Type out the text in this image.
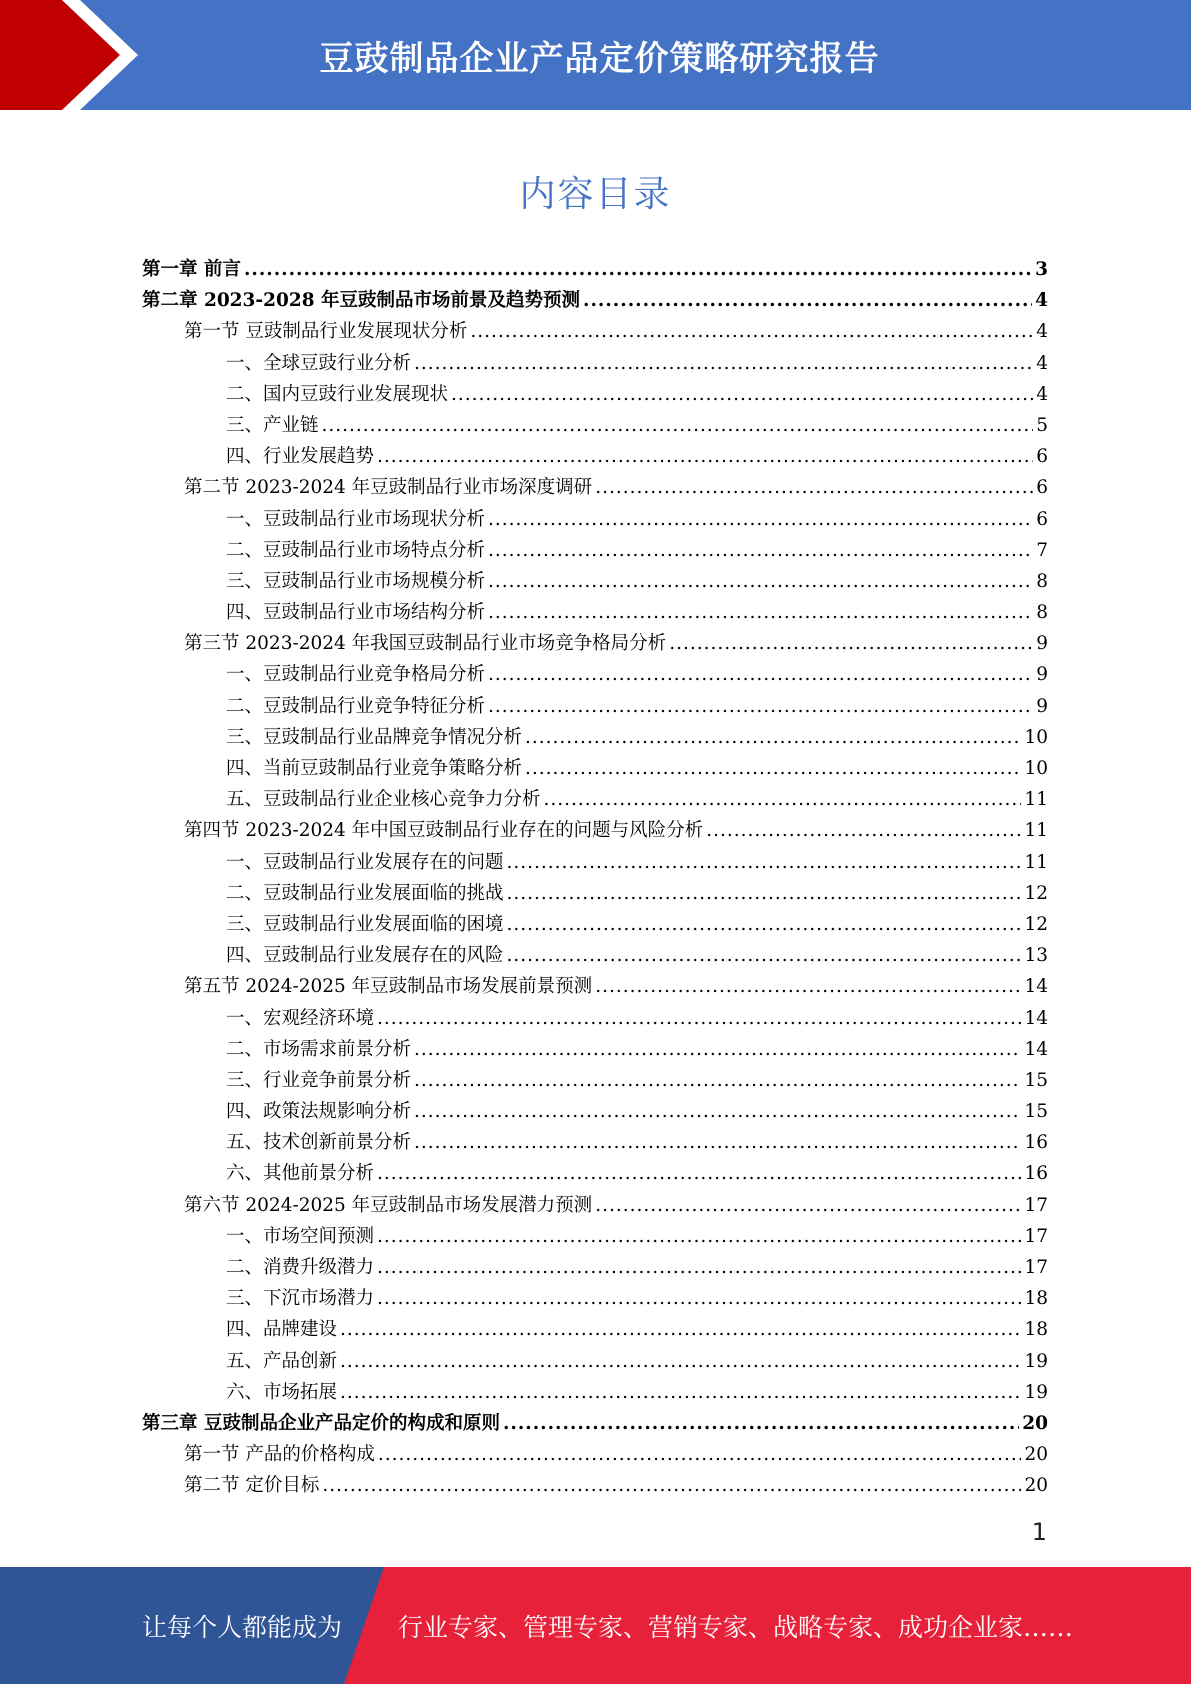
豆豉制品企业产品定价策略研究报告
内容目录
第一章 前言 .....	3
第二章 2023-2028 年豆豉制品市场前景及趋势预测 .....	4
第一节 豆豉制品行业发展现状分析 .....	4
一、全球豆豉行业分析 .....	4
二、国内豆豉行业发展现状 .....	4
三、产业链 .....	5
四、行业发展趋势 .....	6
第二节 2023-2024 年豆豉制品行业市场深度调研 .....	6
一、豆豉制品行业市场现状分析 .....	6
二、豆豉制品行业市场特点分析 .....	7
三、豆豉制品行业市场规模分析 .....	8
四、豆豉制品行业市场结构分析 .....	8
第三节 2023-2024 年我国豆豉制品行业市场竞争格局分析 .....	9
一、豆豉制品行业竞争格局分析 .....	9
二、豆豉制品行业竞争特征分析 .....	9
三、豆豉制品行业品牌竞争情况分析 .....	10
四、当前豆豉制品行业竞争策略分析 .....	10
五、豆豉制品行业企业核心竞争力分析 .....	11
第四节 2023-2024 年中国豆豉制品行业存在的问题与风险分析 .....	11
一、豆豉制品行业发展存在的问题 .....	11
二、豆豉制品行业发展面临的挑战 .....	12
三、豆豉制品行业发展面临的困境 .....	12
四、豆豉制品行业发展存在的风险 .....	13
第五节 2024-2025 年豆豉制品市场发展前景预测 .....	14
一、宏观经济环境 .....	14
二、市场需求前景分析 .....	14
三、行业竞争前景分析 .....	15
四、政策法规影响分析 .....	15
五、技术创新前景分析 .....	16
六、其他前景分析 .....	16
第六节 2024-2025 年豆豉制品市场发展潜力预测 .....	17
一、市场空间预测 .....	17
二、消费升级潜力 .....	17
三、下沉市场潜力 .....	18
四、品牌建设 .....	18
五、产品创新 .....	19
六、市场拓展 .....	19
第三章 豆豉制品企业产品定价的构成和原则 .....	20
第一节 产品的价格构成 .....	20
第二节 定价目标 .....	20
1
让每个人都能成为 行业专家、管理专家、营销专家、战略专家、成功企业家……
